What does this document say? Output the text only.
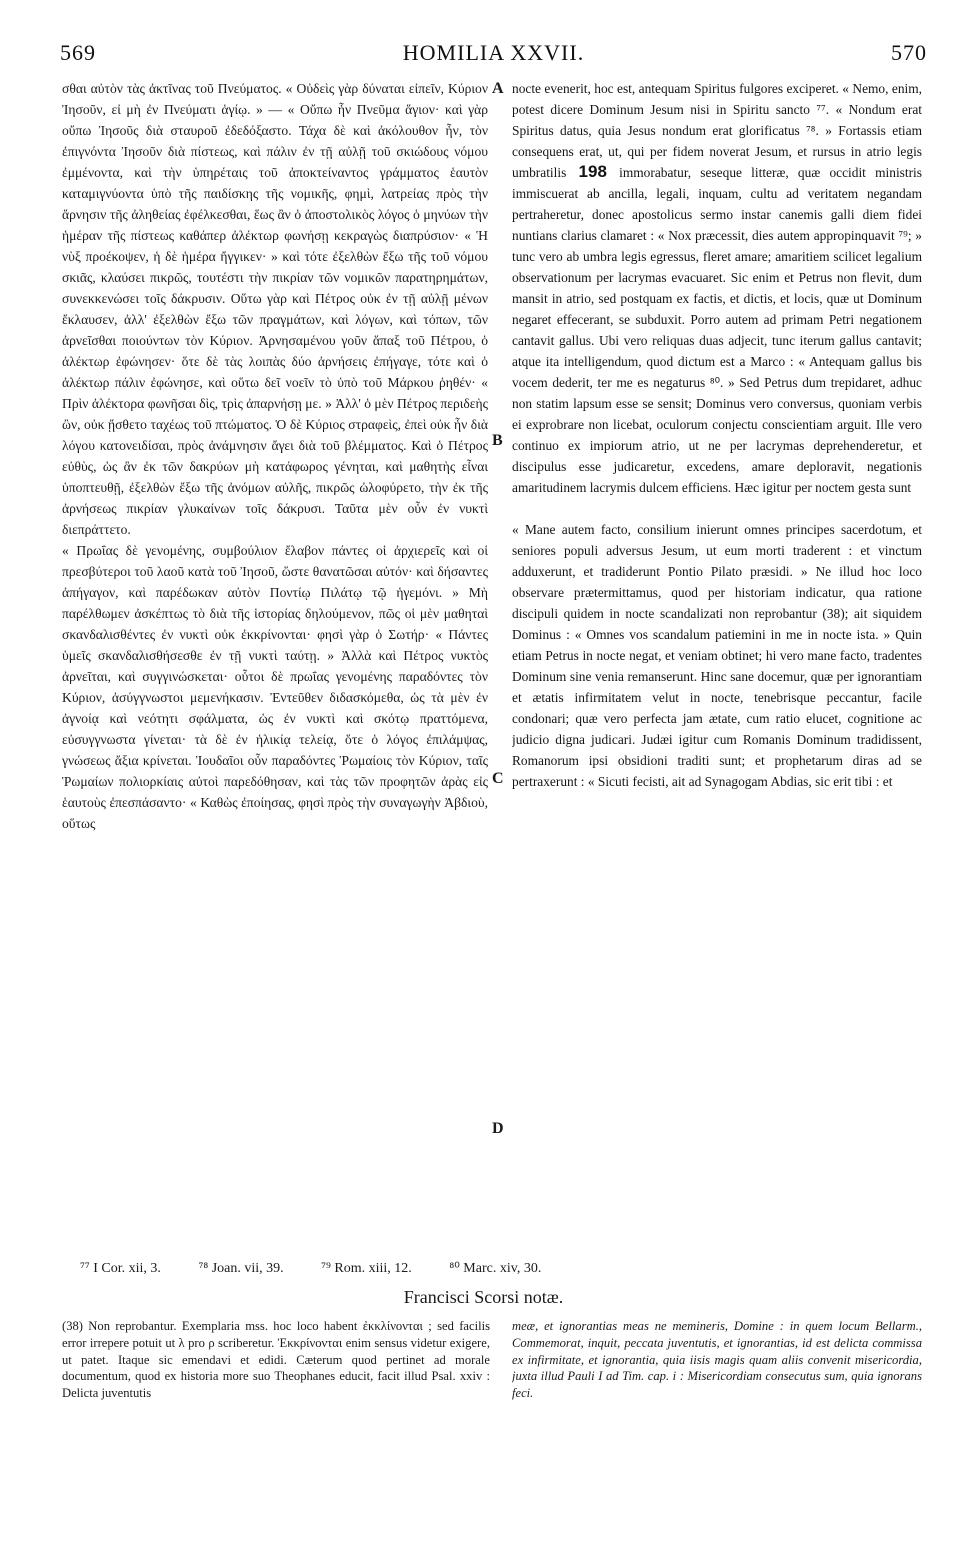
569	HOMILIA XXVII.	570

σθαι αὐτὸν τὰς ἀκτῖνας τοῦ Πνεύματος. « Οὐδεὶς γὰρ δύναται εἰπεῖν, Κύριον Ἰησοῦν, εἰ μὴ ἐν Πνεύματι ἁγίῳ. » — « Οὔπω ἦν Πνεῦμα ἅγιον· καὶ γὰρ οὔπω Ἰησοῦς διὰ σταυροῦ ἐδεδόξαστο. Τάχα δὲ καὶ ἀκόλουθον ἦν, τὸν ἐπιγνόντα Ἰησοῦν διὰ πίστεως, καὶ πάλιν ἐν τῇ αὐλῇ τοῦ σκιώδους νόμου ἐμμένοντα, καὶ τὴν ὑπηρέταις τοῦ ἀποκτείναντος γράμματος ἑαυτὸν καταμιγνύοντα ὑπὸ τῆς παιδίσκης τῆς νομικῆς, φημὶ, λατρείας πρὸς τὴν ἄρνησιν τῆς ἀληθείας ἐφέλκεσθαι, ἕως ἂν ὁ ἀποστολικὸς λόγος ὁ μηνύων τὴν ἡμέραν τῆς πίστεως καθάπερ ἀλέκτωρ φωνήσῃ κεκραγὼς διαπρύσιον· « Ἡ νὺξ προέκοψεν, ἡ δὲ ἡμέρα ἤγγικεν· » καὶ τότε ἐξελθὼν ἔξω τῆς τοῦ νόμου σκιᾶς, κλαύσει πικρῶς, τουτέστι τὴν πικρίαν τῶν νομικῶν παρατηρημάτων, συνεκκενώσει τοῖς δάκρυσιν. Οὕτω γὰρ καὶ Πέτρος οὐκ ἐν τῇ αὐλῇ μένων ἔκλαυσεν, ἀλλ' ἐξελθὼν ἔξω τῶν πραγμάτων, καὶ λόγων, καὶ τόπων, τῶν ἀρνεῖσθαι ποιούντων τὸν Κύριον. Ἀρνησαμένου γοῦν ἅπαξ τοῦ Πέτρου, ὁ ἀλέκτωρ ἐφώνησεν· ὅτε δὲ τὰς λοιπὰς δύο ἀρνήσεις ἐπήγαγε, τότε καὶ ὁ ἀλέκτωρ πάλιν ἐφώνησε, καὶ οὕτω δεῖ νοεῖν τὸ ὑπὸ τοῦ Μάρκου ῥηθέν· « Πρὶν ἀλέκτορα φωνῆσαι δὶς, τρὶς ἀπαρνήσῃ με. » Ἀλλ' ὁ μὲν Πέτρος περιδεὴς ὢν, οὐκ ᾔσθετο ταχέως τοῦ πτώματος. Ὁ δὲ Κύριος στραφεὶς, ἐπεὶ οὐκ ἦν διὰ λόγου κατονειδίσαι, πρὸς ἀνάμνησιν ἄγει διὰ τοῦ βλέμματος. Καὶ ὁ Πέτρος εὐθὺς, ὡς ἂν ἐκ τῶν δακρύων μὴ κατάφωρος γένηται, καὶ μαθητὴς εἶναι ὑποπτευθῇ, ἐξελθὼν ἔξω τῆς ἀνόμων αὐλῆς, πικρῶς ὠλοφύρετο, τὴν ἐκ τῆς ἀρνήσεως πικρίαν γλυκαίνων τοῖς δάκρυσι. Ταῦτα μὲν οὖν ἐν νυκτὶ διεπράττετο.
« Πρωΐας δὲ γενομένης, συμβούλιον ἔλαβον πάντες οἱ ἀρχιερεῖς καὶ οἱ πρεσβύτεροι τοῦ λαοῦ κατὰ τοῦ Ἰησοῦ, ὥστε θανατῶσαι αὐτόν· καὶ δήσαντες ἀπήγαγον, καὶ παρέδωκαν αὐτὸν Ποντίῳ Πιλάτῳ τῷ ἡγεμόνι. » Μὴ παρέλθωμεν ἀσκέπτως τὸ διὰ τῆς ἱστορίας δηλούμενον, πῶς οἱ μὲν μαθηταὶ σκανδαλισθέντες ἐν νυκτὶ οὐκ ἐκκρίνονται· φησὶ γὰρ ὁ Σωτήρ· « Πάντες ὑμεῖς σκανδαλισθήσεσθε ἐν τῇ νυκτὶ ταύτῃ. » Ἀλλὰ καὶ Πέτρος νυκτὸς ἀρνεῖται, καὶ συγγινώσκεται· οὗτοι δὲ πρωΐας γενομένης παραδόντες τὸν Κύριον, ἀσύγγνωστοι μεμενήκασιν. Ἐντεῦθεν διδασκόμεθα, ὡς τὰ μὲν ἐν ἀγνοίᾳ καὶ νεότητι σφάλματα, ὡς ἐν νυκτὶ καὶ σκότῳ πραττόμενα, εὐσυγγνωστα γίνεται· τὰ δὲ ἐν ἡλικίᾳ τελείᾳ, ὅτε ὁ λόγος ἐπιλάμψας, γνώσεως ἄξια κρίνεται. Ἰουδαῖοι οὖν παραδόντες Ῥωμαίοις τὸν Κύριον, ταῖς Ῥωμαίων πολιορκίαις αὐτοὶ παρεδόθησαν, καὶ τὰς τῶν προφητῶν ἀρὰς εἰς ἑαυτοὺς ἐπεσπάσαντο· « Καθὼς ἐποίησας, φησὶ πρὸς τὴν συναγωγὴν Ἀβδιοὺ, οὕτως

A
B
C
D

nocte evenerit, hoc est, antequam Spiritus fulgores exciperet. « Nemo, enim, potest dicere Dominum Jesum nisi in Spiritu sancto ⁷⁷. « Nondum erat Spiritus datus, quia Jesus nondum erat glorificatus ⁷⁸. » Fortassis etiam consequens erat, ut, qui per fidem noverat Jesum, et rursus in atrio legis umbratilis 198 immorabatur, seseque litteræ, quæ occidit ministris immiscuerat ab ancilla, legali, inquam, cultu ad veritatem negandam pertraheretur, donec apostolicus sermo instar canemis galli diem fidei nuntians clarius clamaret : « Nox præcessit, dies autem appropinquavit ⁷⁹; » tunc vero ab umbra legis egressus, fleret amare; amaritiem scilicet legalium observationum per lacrymas evacuaret. Sic enim et Petrus non flevit, dum mansit in atrio, sed postquam ex factis, et dictis, et locis, quæ ut Dominum negaret effecerant, se subduxit. Porro autem ad primam Petri negationem cantavit gallus. Ubi vero reliquas duas adjecit, tunc iterum gallus cantavit; atque ita intelligendum, quod dictum est a Marco : « Antequam gallus bis vocem dederit, ter me es negaturus ⁸⁰. » Sed Petrus dum trepidaret, adhuc non statim lapsum esse se sensit; Dominus vero conversus, quoniam verbis ei exprobrare non licebat, oculorum conjectu conscientiam arguit. Ille vero continuo ex impiorum atrio, ut ne per lacrymas deprehenderetur, et discipulus esse judicaretur, excedens, amare deploravit, negationis amaritudinem lacrymis dulcem efficiens. Hæc igitur per noctem gesta sunt

« Mane autem facto, consilium inierunt omnes principes sacerdotum, et seniores populi adversus Jesum, ut eum morti traderent : et vinctum adduxerunt, et tradiderunt Pontio Pilato præsidi. » Ne illud hoc loco observare prætermittamus, quod per historiam indicatur, qua ratione discipuli quidem in nocte scandalizati non reprobantur (38); ait siquidem Dominus : « Omnes vos scandalum patiemini in me in nocte ista. » Quin etiam Petrus in nocte negat, et veniam obtinet; hi vero mane facto, tradentes Dominum sine venia remanserunt. Hinc sane docemur, quæ per ignorantiam et ætatis infirmitatem velut in nocte, tenebrisque peccantur, facile condonari; quæ vero perfecta jam ætate, cum ratio elucet, cognitione ac judicio digna judicari. Judæi igitur cum Romanis Dominum tradidissent, Romanorum ipsi obsidioni traditi sunt; et prophetarum diras ad se pertraxerunt : « Sicuti fecisti, ait ad Synagogam Abdias, sic erit tibi : et

⁷⁷ I Cor. xii, 3.	⁷⁸ Joan. vii, 39.	⁷⁹ Rom. xiii, 12.	⁸⁰ Marc. xiv, 30.
Francisci Scorsi notæ.

(38) Non reprobantur. Exemplaria mss. hoc loco habent ἐκκλίνονται ; sed facilis error irrepere potuit ut λ pro ρ scriberetur. Ἐκκρίνονται enim sensus videtur exigere, ut patet. Itaque sic emendavi et edidi. Cæterum quod pertinet ad morale documentum, quod ex historia more suo Theophanes educit, facit illud Psal. xxiv : Delicta juventutis

meæ, et ignorantias meas ne memineris, Domine : in quem locum Bellarm., Commemorat, inquit, peccata juventutis, et ignorantias, id est delicta commissa ex infirmitate, et ignorantia, quia iisis magis quam aliis convenit misericordia, juxta illud Pauli I ad Tim. cap. i : Misericordiam consecutus sum, quia ignorans feci.
